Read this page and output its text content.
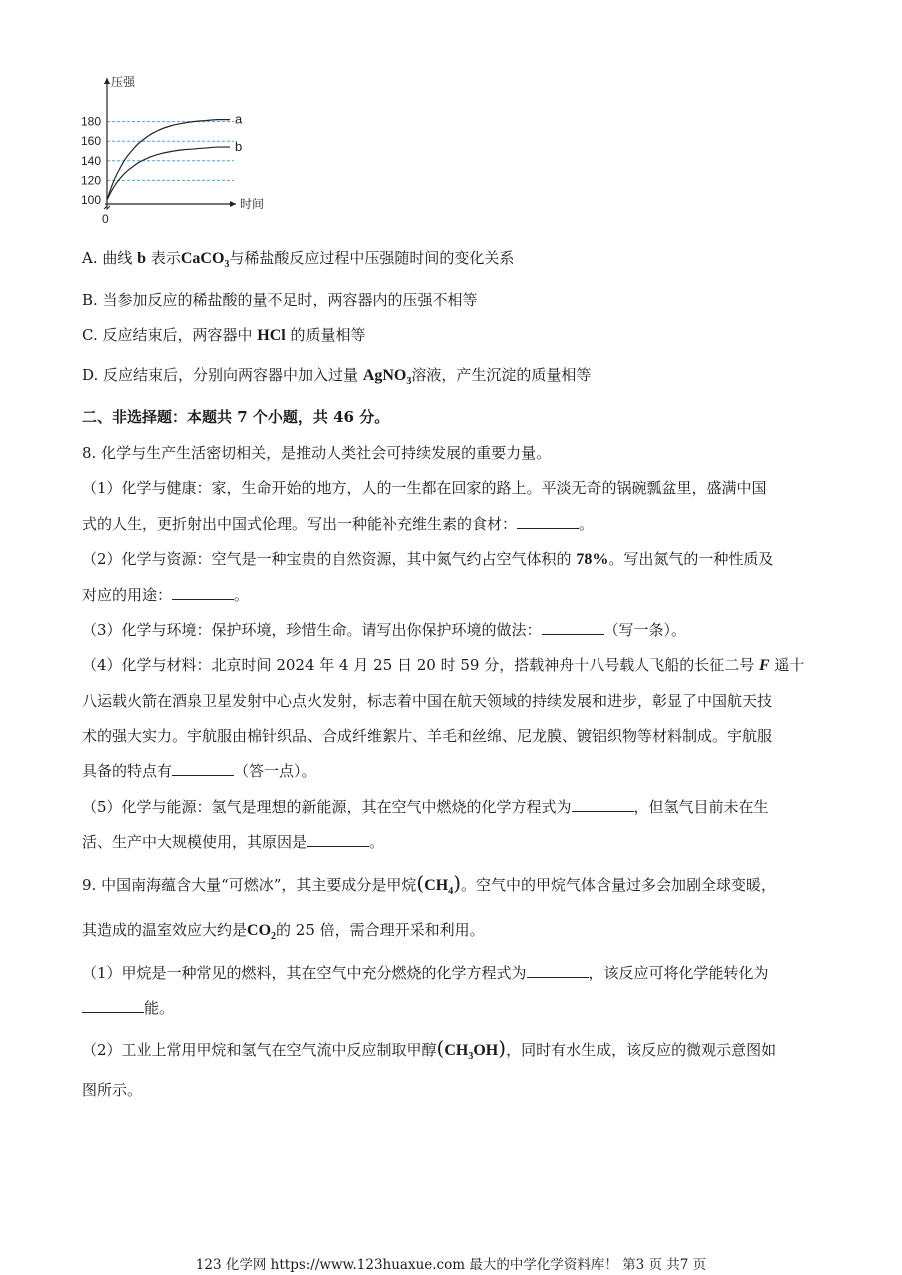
压强
时间
0
100
120
140
160
180	a
b
A. 曲线 b 表示CaCO$_3$与稀盐酸反应过程中压强随时间的变化关系
B. 当参加反应的稀盐酸的量不足时，两容器内的压强不相等
C. 反应结束后，两容器中 HCl 的质量相等
D. 反应结束后，分别向两容器中加入过量 AgNO$_3$溶液，产生沉淀的质量相等
二、非选择题：本题共 7 个小题，共 46 分。
8. 化学与生产生活密切相关，是推动人类社会可持续发展的重要力量。
（1）化学与健康：家，生命开始的地方，人的一生都在回家的路上。平淡无奇的锅碗瓢盆里，盛满中国
式的人生，更折射出中国式伦理。写出一种能补充维生素的食材：	。
（2）化学与资源：空气是一种宝贵的自然资源，其中氮气约占空气体积的 78%。写出氮气的一种性质及
对应的用途：	。
（3）化学与环境：保护环境，珍惜生命。请写出你保护环境的做法：	（写一条）。
（4）化学与材料：北京时间 2024 年 4 月 25 日 20 时 59 分，搭载神舟十八号载人飞船的长征二号 F 遥十
八运载火箭在酒泉卫星发射中心点火发射，标志着中国在航天领域的持续发展和进步，彰显了中国航天技
术的强大实力。宇航服由棉针织品、合成纤维絮片、羊毛和丝绵、尼龙膜、镀铝织物等材料制成。宇航服
具备的特点有	（答一点）。
（5）化学与能源：氢气是理想的新能源，其在空气中燃烧的化学方程式为	，但氢气目前未在生
活、生产中大规模使用，其原因是	。
9. 中国南海蕴含大量“可燃冰”，其主要成分是甲烷$(CH_4)$。空气中的甲烷气体含量过多会加剧全球变暖，
其造成的温室效应大约是$CO_2$的 25 倍，需合理开采和利用。
（1）甲烷是一种常见的燃料，其在空气中充分燃烧的化学方程式为	，该反应可将化学能转化为
能。
（2）工业上常用甲烷和氢气在空气流中反应制取甲醇$(CH_3OH)$，同时有水生成，该反应的微观示意图如
图所示。
123 化学网 https://www.123huaxue.com 最大的中学化学资料库！ 第3 页 共7 页
